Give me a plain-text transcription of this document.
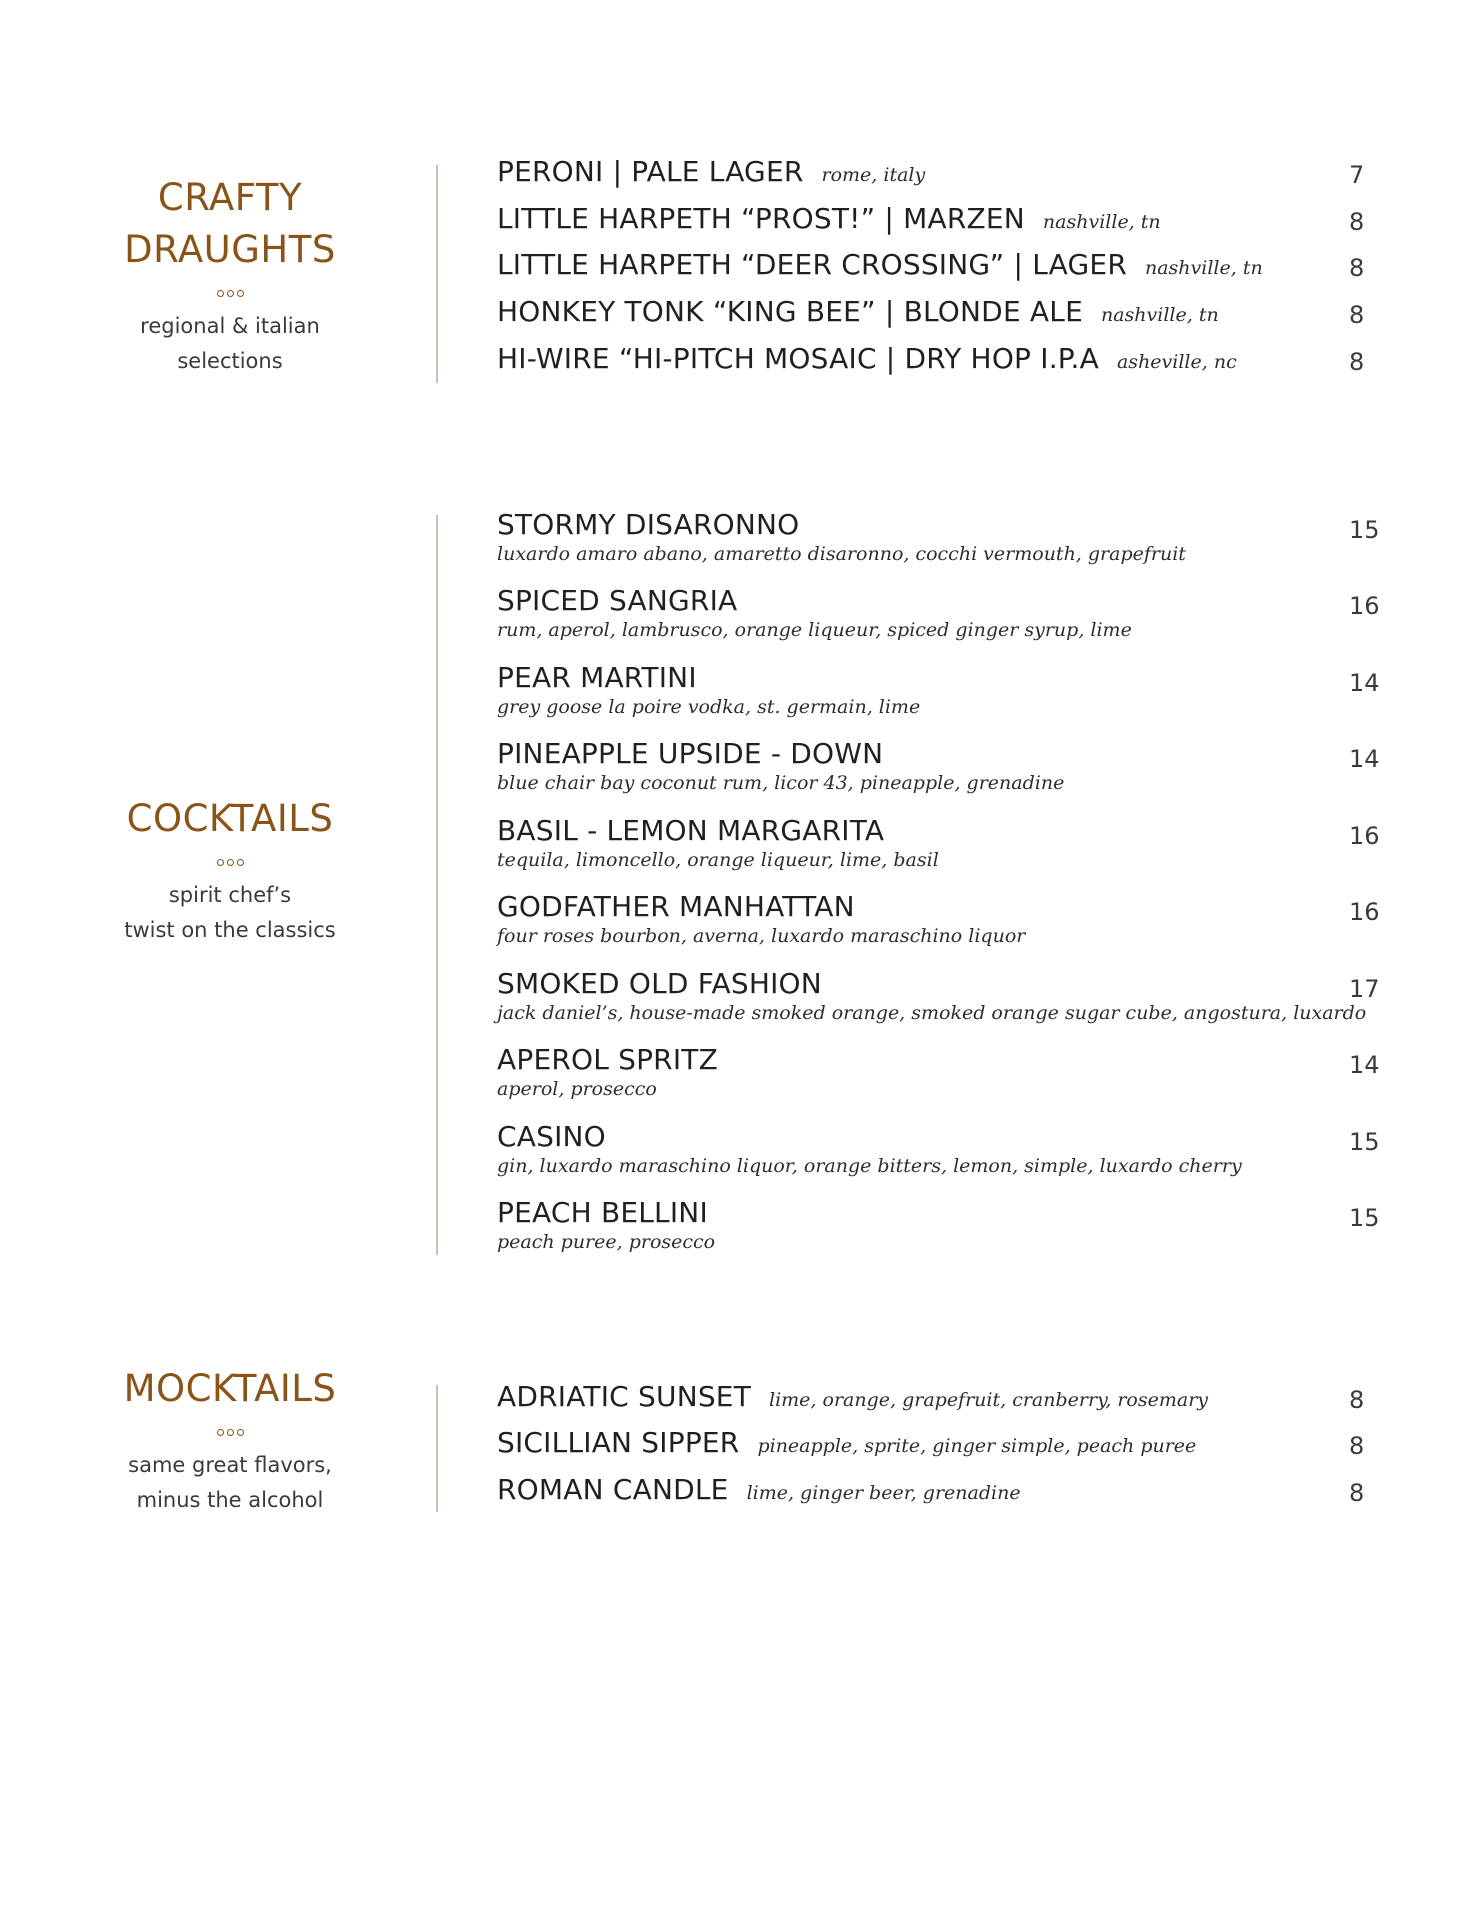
CRAFTY
DRAUGHTS
regional & italian
selections
PERONI | PALE LAGER rome, italy	7
LITTLE HARPETH “PROST!” | MARZEN nashville, tn	8
LITTLE HARPETH “DEER CROSSING” | LAGER nashville, tn	8
HONKEY TONK “KING BEE” | BLONDE ALE nashville, tn	8
HI-WIRE “HI-PITCH MOSAIC | DRY HOP I.P.A asheville, nc	8
COCKTAILS
spirit chef’s
twist on the classics
STORMY DISARONNO
luxardo amaro abano, amaretto disaronno, cocchi vermouth, grapefruit
15
SPICED SANGRIA
rum, aperol, lambrusco, orange liqueur, spiced ginger syrup, lime
16
PEAR MARTINI
grey goose la poire vodka, st. germain, lime
14
PINEAPPLE UPSIDE - DOWN
blue chair bay coconut rum, licor 43, pineapple, grenadine
14
BASIL - LEMON MARGARITA
tequila, limoncello, orange liqueur, lime, basil
16
GODFATHER MANHATTAN
four roses bourbon, averna, luxardo maraschino liquor
16
SMOKED OLD FASHION
jack daniel’s, house-made smoked orange, smoked orange sugar cube, angostura, luxardo
17
APEROL SPRITZ
aperol, prosecco
14
CASINO
gin, luxardo maraschino liquor, orange bitters, lemon, simple, luxardo cherry
15
PEACH BELLINI
peach puree, prosecco
15
MOCKTAILS
same great flavors,
minus the alcohol
ADRIATIC SUNSET lime, orange, grapefruit, cranberry, rosemary	8
SICILLIAN SIPPER pineapple, sprite, ginger simple, peach puree	8
ROMAN CANDLE lime, ginger beer, grenadine	8
